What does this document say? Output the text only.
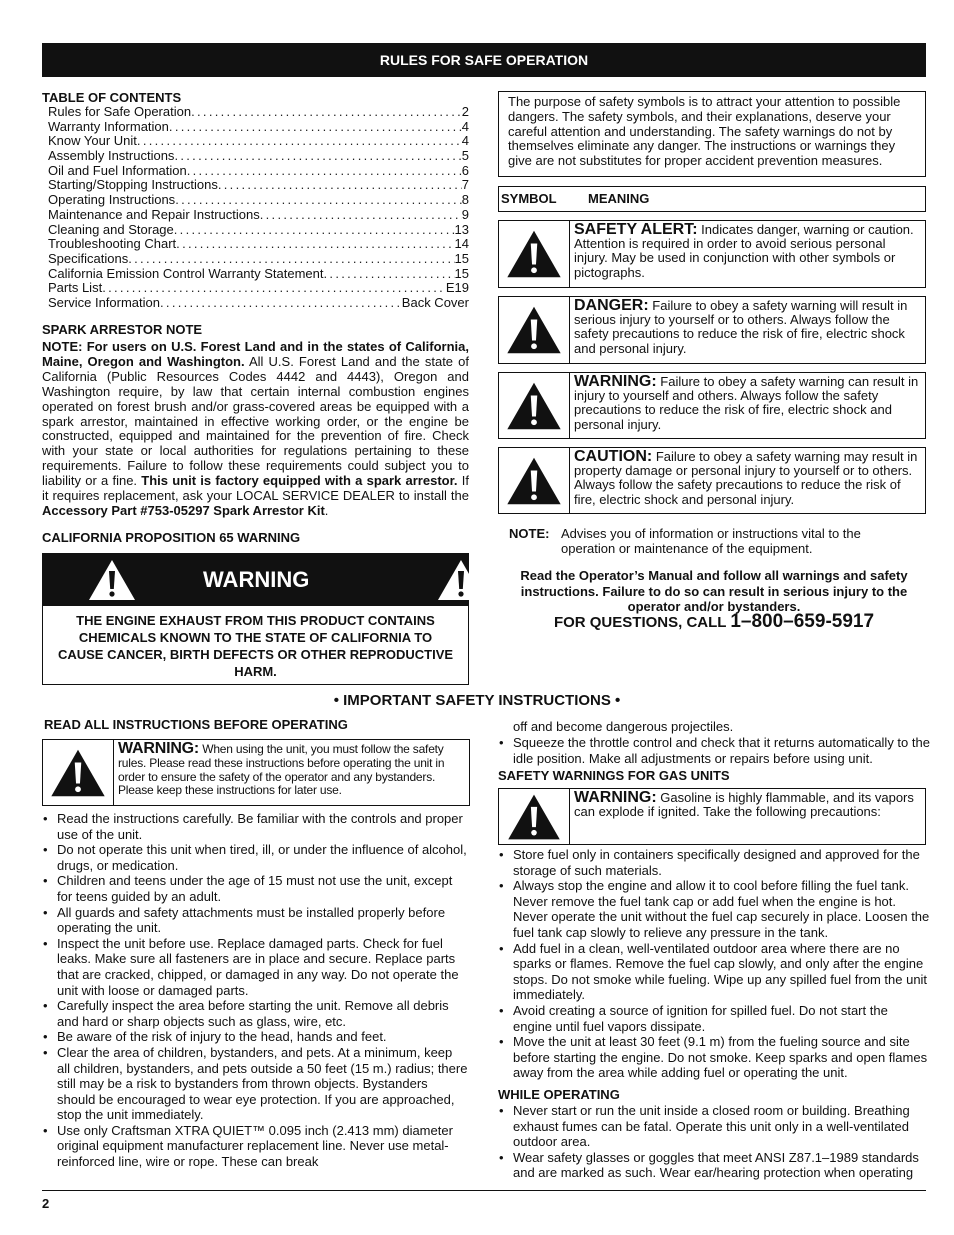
RULES FOR SAFE OPERATION
TABLE OF CONTENTS
Rules for Safe Operation .....	2
Warranty Information .....	4
Know Your Unit .....	4
Assembly Instructions .....	5
Oil and Fuel Information .....	6
Starting/Stopping Instructions .....	7
Operating Instructions .....	8
Maintenance and Repair Instructions .....	9
Cleaning and Storage .....	13
Troubleshooting Chart .....	14
Specifications .....	15
California Emission Control Warranty Statement .....	15
Parts List .....	E19
Service Information .....	Back Cover
SPARK ARRESTOR NOTE
NOTE: For users on U.S. Forest Land and in the states of California, Maine, Oregon and Washington. All U.S. Forest Land and the state of California (Public Resources Codes 4442 and 4443), Oregon and Washington require, by law that certain internal combustion engines operated on forest brush and/or grass-covered areas be equipped with a spark arrestor, maintained in effective working order, or the engine be constructed, equipped and maintained for the prevention of fire. Check with your state or local authorities for regulations pertaining to these requirements. Failure to follow these requirements could subject you to liability or a fine. This unit is factory equipped with a spark arrestor. If it requires replacement, ask your LOCAL SERVICE DEALER to install the Accessory Part #753-05297 Spark Arrestor Kit.
CALIFORNIA PROPOSITION 65 WARNING
WARNING
THE ENGINE EXHAUST FROM THIS PRODUCT CONTAINS CHEMICALS KNOWN TO THE STATE OF CALIFORNIA TO CAUSE CANCER, BIRTH DEFECTS OR OTHER REPRODUCTIVE HARM.
The purpose of safety symbols is to attract your attention to possible dangers. The safety symbols, and their explanations, deserve your careful attention and understanding. The safety warnings do not by themselves eliminate any danger. The instructions or warnings they give are not substitutes for proper accident prevention measures.
SYMBOL MEANING
SAFETY ALERT: Indicates danger, warning or caution. Attention is required in order to avoid serious personal injury. May be used in conjunction with other symbols or pictographs.
DANGER: Failure to obey a safety warning will result in serious injury to yourself or to others. Always follow the safety precautions to reduce the risk of fire, electric shock and personal injury.
WARNING: Failure to obey a safety warning can result in injury to yourself and others. Always follow the safety precautions to reduce the risk of fire, electric shock and personal injury.
CAUTION: Failure to obey a safety warning may result in property damage or personal injury to yourself or to others. Always follow the safety precautions to reduce the risk of fire, electric shock and personal injury.
NOTE: Advises you of information or instructions vital to the operation or maintenance of the equipment.
Read the Operator’s Manual and follow all warnings and safety instructions. Failure to do so can result in serious injury to the operator and/or bystanders.
FOR QUESTIONS, CALL 1–800–659-5917
• IMPORTANT SAFETY INSTRUCTIONS •
READ ALL INSTRUCTIONS BEFORE OPERATING
WARNING: When using the unit, you must follow the safety rules. Please read these instructions before operating the unit in order to ensure the safety of the operator and any bystanders. Please keep these instructions for later use.
• Read the instructions carefully. Be familiar with the controls and proper use of the unit.
• Do not operate this unit when tired, ill, or under the influence of alcohol, drugs, or medication.
• Children and teens under the age of 15 must not use the unit, except for teens guided by an adult.
• All guards and safety attachments must be installed properly before operating the unit.
• Inspect the unit before use. Replace damaged parts. Check for fuel leaks. Make sure all fasteners are in place and secure. Replace parts that are cracked, chipped, or damaged in any way. Do not operate the unit with loose or damaged parts.
• Carefully inspect the area before starting the unit. Remove all debris and hard or sharp objects such as glass, wire, etc.
• Be aware of the risk of injury to the head, hands and feet.
• Clear the area of children, bystanders, and pets. At a minimum, keep all children, bystanders, and pets outside a 50 feet (15 m.) radius; there still may be a risk to bystanders from thrown objects. Bystanders should be encouraged to wear eye protection. If you are approached, stop the unit immediately.
• Use only Craftsman XTRA QUIET™ 0.095 inch (2.413 mm) diameter original equipment manufacturer replacement line. Never use metal-reinforced line, wire or rope. These can break
off and become dangerous projectiles.
• Squeeze the throttle control and check that it returns automatically to the idle position. Make all adjustments or repairs before using unit.
SAFETY WARNINGS FOR GAS UNITS
WARNING: Gasoline is highly flammable, and its vapors can explode if ignited. Take the following precautions:
• Store fuel only in containers specifically designed and approved for the storage of such materials.
• Always stop the engine and allow it to cool before filling the fuel tank. Never remove the fuel tank cap or add fuel when the engine is hot. Never operate the unit without the fuel cap securely in place. Loosen the fuel tank cap slowly to relieve any pressure in the tank.
• Add fuel in a clean, well-ventilated outdoor area where there are no sparks or flames. Remove the fuel cap slowly, and only after the engine stops. Do not smoke while fueling. Wipe up any spilled fuel from the unit immediately.
• Avoid creating a source of ignition for spilled fuel. Do not start the engine until fuel vapors dissipate.
• Move the unit at least 30 feet (9.1 m) from the fueling source and site before starting the engine. Do not smoke. Keep sparks and open flames away from the area while adding fuel or operating the unit.
WHILE OPERATING
• Never start or run the unit inside a closed room or building. Breathing exhaust fumes can be fatal. Operate this unit only in a well-ventilated outdoor area.
• Wear safety glasses or goggles that meet ANSI Z87.1–1989 standards and are marked as such. Wear ear/hearing protection when operating
2
